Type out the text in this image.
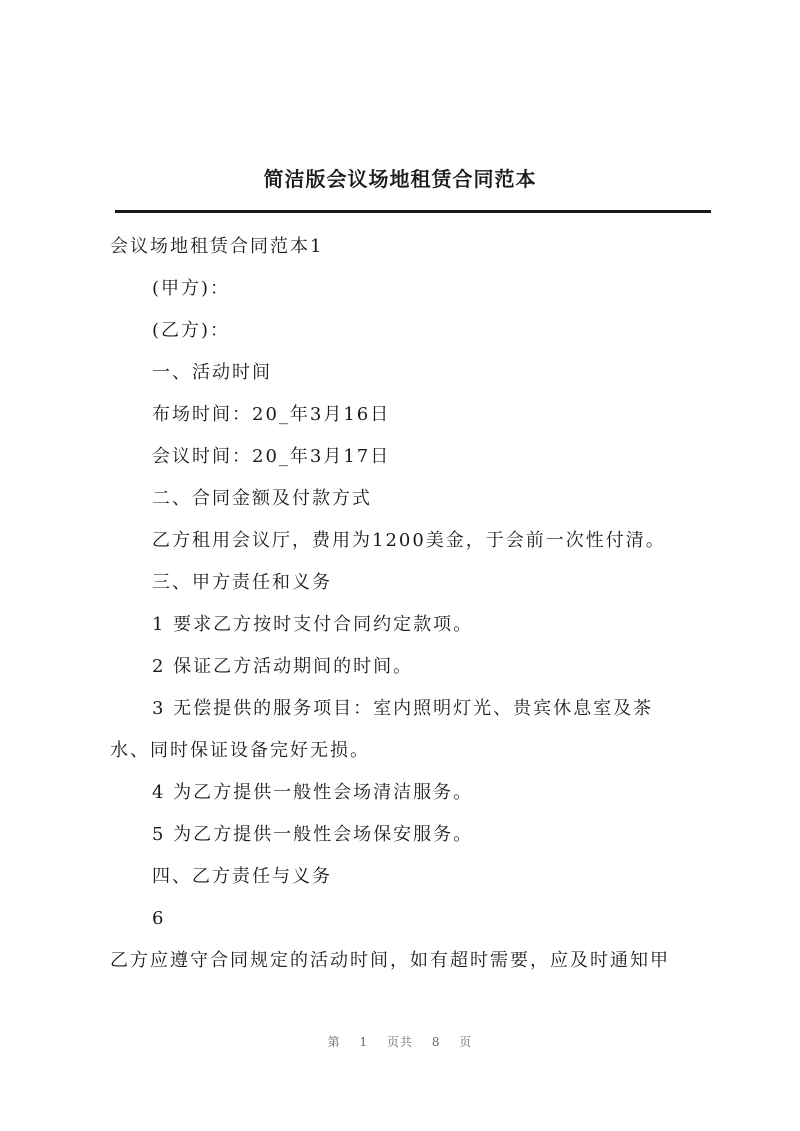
简洁版会议场地租赁合同范本
会议场地租赁合同范本1
(甲方)：
(乙方)：
一、活动时间
布场时间：20_年3月16日
会议时间：20_年3月17日
二、合同金额及付款方式
乙方租用会议厅，费用为1200美金，于会前一次性付清。
三、甲方责任和义务
1 要求乙方按时支付合同约定款项。
2 保证乙方活动期间的时间。
3 无偿提供的服务项目：室内照明灯光、贵宾休息室及茶
水、同时保证设备完好无损。
4 为乙方提供一般性会场清洁服务。
5 为乙方提供一般性会场保安服务。
四、乙方责任与义务
6
乙方应遵守合同规定的活动时间，如有超时需要，应及时通知甲
第 1 页共 8 页
